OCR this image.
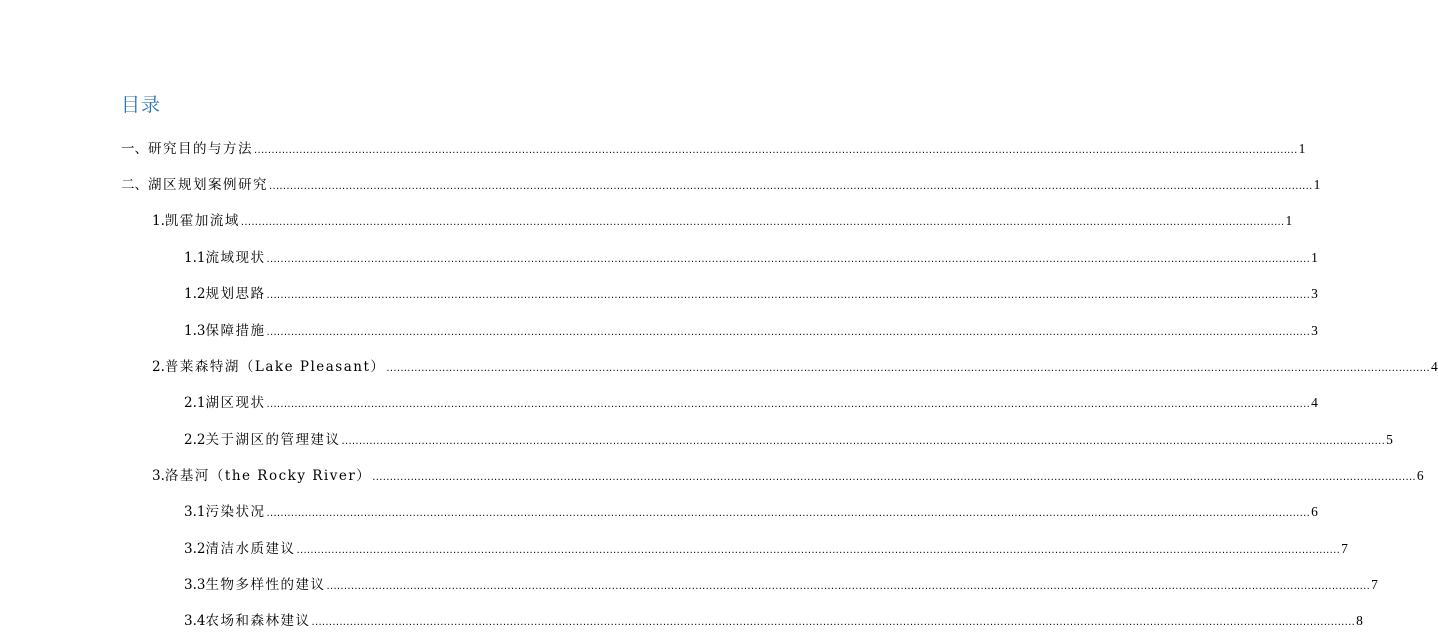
目录
一、 研究目的与方法 ............................................................................................................................................................................................................................................................................................................ 1
二、 湖区规划案例研究 ............................................................................................................................................................................................................................................................................................................ 1
1. 凯霍加流域 ............................................................................................................................................................................................................................................................................................................ 1
1.1 流域现状 ............................................................................................................................................................................................................................................................................................................ 1
1.2 规划思路 ............................................................................................................................................................................................................................................................................................................ 3
1.3 保障措施 ............................................................................................................................................................................................................................................................................................................ 3
2. 普莱森特湖（Lake Pleasant） ............................................................................................................................................................................................................................................................................................................ 4
2.1 湖区现状 ............................................................................................................................................................................................................................................................................................................ 4
2.2 关于湖区的管理建议 ............................................................................................................................................................................................................................................................................................................ 5
3. 洛基河（the Rocky River） ............................................................................................................................................................................................................................................................................................................ 6
3.1 污染状况 ............................................................................................................................................................................................................................................................................................................ 6
3.2 清洁水质建议 ............................................................................................................................................................................................................................................................................................................ 7
3.3 生物多样性的建议 ............................................................................................................................................................................................................................................................................................................ 7
3.4 农场和森林建议 ............................................................................................................................................................................................................................................................................................................ 8
